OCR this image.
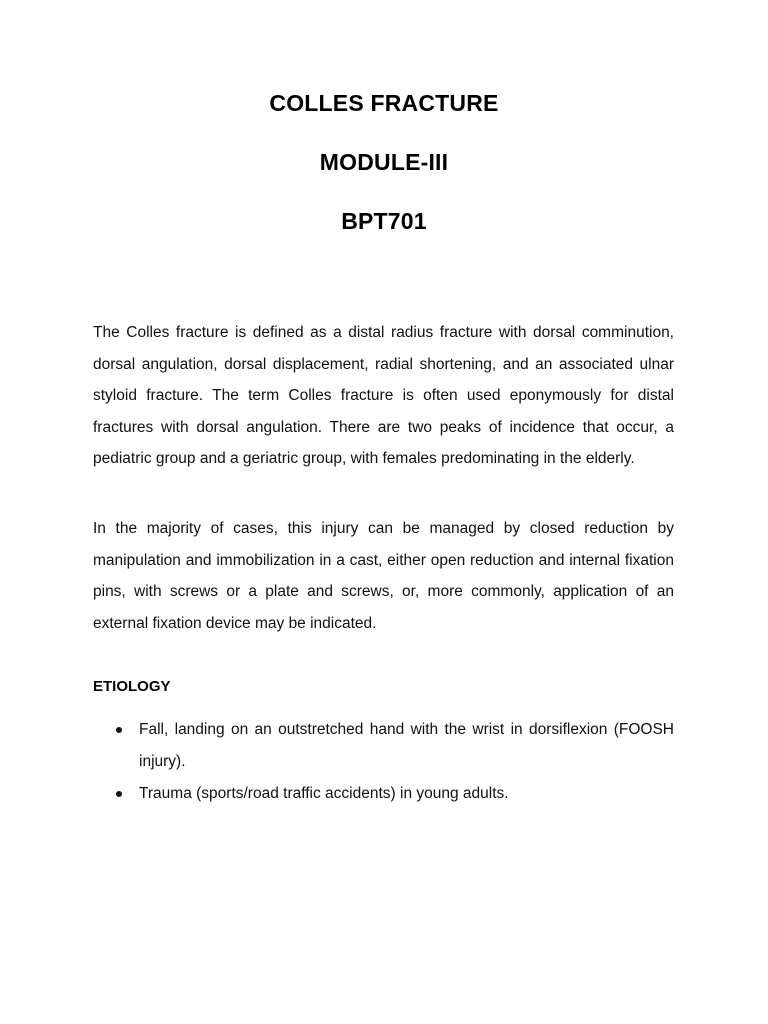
COLLES FRACTURE
MODULE-III
BPT701
The Colles fracture is defined as a distal radius fracture with dorsal comminution, dorsal angulation, dorsal displacement, radial shortening, and an associated ulnar styloid fracture. The term Colles fracture is often used eponymously for distal fractures with dorsal angulation. There are two peaks of incidence that occur, a pediatric group and a geriatric group, with females predominating in the elderly.
In the majority of cases, this injury can be managed by closed reduction by manipulation and immobilization in a cast, either open reduction and internal fixation pins, with screws or a plate and screws, or, more commonly, application of an external fixation device may be indicated.
ETIOLOGY
Fall, landing on an outstretched hand with the wrist in dorsiflexion (FOOSH injury).
Trauma (sports/road traffic accidents) in young adults.
